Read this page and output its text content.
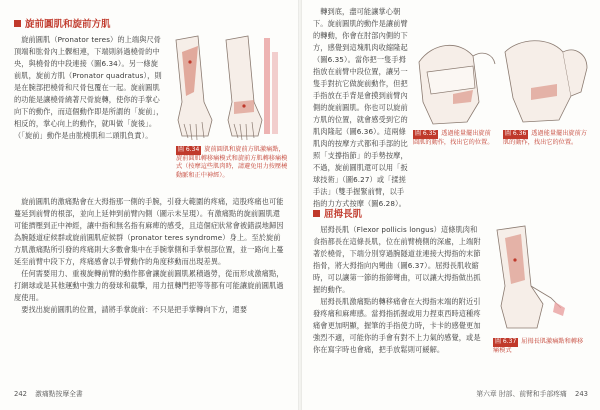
旋前圓肌和旋前方肌

旋前圓肌（Pronator teres）的上端與尺骨頂端和肱骨內上髁相連，下端則斜過橈骨的中央，與橈骨的中段連接（圖6.34）。另一條旋前肌，旋前方肌（Pronator quadratus），則是在腕部把橈骨和尺骨包覆在一起。旋前圓肌的功能是讓橈骨繞著尺骨旋轉，使你的手掌心向下的動作，而這個動作即是所謂的「旋前」，相反的，掌心向上的動作，就叫做「旋後」。（「旋前」動作是由肱橈肌和二頭肌負責）。

圖 6.34 旋前圓肌和旋前方肌激痛點，旋前圓肌轉移痛模式和旋前方肌轉移痛模式（按摩這些肌肉時，請避免用力按壓橈動脈和正中神經）。

旋前圓肌的激痛點會在大拇指那一側的手腕，引發大範圍的疼痛，這股疼痛也可能蔓延到前臂的根部，並向上延伸到前臂內側（圖示未呈現）。有激痛點的旋前圓肌還可能擠壓到正中神經，讓中指和無名指有麻痺的感受，且這個症狀常會被錯誤地歸因為腕隧道症候群或旋前圓肌症候群（pronator teres syndrome）身上。至於旋前方肌激痛點所引發的疼痛則大多數會集中在手腕掌側和手掌根部位置，並一路向上蔓延至前臂中段下方，疼痛感會以手臂動作的角度移動而出現差異。

任何需要用力、重複旋轉前臂的動作都會讓旋前圓肌累積過勞，從而形成激痛點，打網球或是其他運動中強力的發球和截擊，用力扭轉門把等等都有可能讓旋前圓肌過度使用。

要找出旋前圓肌的位置，請將手掌旋前：不只是把手掌轉向下方，還要

242 激痛點按摩全書

轉到底，盡可能讓掌心朝下。旋前圓肌的動作是讓前臂的轉動，你會在肘部內側的下方，感覺到這塊肌肉收縮隆起（圖6.35）。當你把一隻手拇指放在前臂中段位置，讓另一隻手對抗它做旋前動作，但把手指放在手背是會摸到前臂內側的旋前圓肌。你也可以旋前方肌的位置，就會感受到它的肌肉隆起（圖6.36）。這兩條肌肉的按摩方式都和手部的比照「支撐指節」的手勢按摩，不過，旋前圓肌還可以用「扳球技術」（圖6.27）或「揉搓手法」（雙手握緊前臂，以手指的力方式按摩（圖6.28）。

圖 6.35 透過能量擺出旋前圓肌的動作，找出它的位置。
圖 6.36 透過能量擺出旋前方肌的動作，找出它的位置。
屈拇長肌

屈拇長肌（Flexor pollicis longus）這條肌肉和食指都長在這條長肌，位在前臂橈側的深處，上端附著於橈骨，下端分別穿過腕隧道並連接大拇指的末節指骨，將大拇指向內彎曲（圖6.37）。屈拇長肌收縮時，可以讓第一節的指節彎曲，可以讓大拇指做出抓握的動作。

屈拇長肌激痛點的轉移痛會在大拇指末端的附近引發疼痛和麻痺感。當拇指抓握或用力捏東西時這種疼痛會更加明顯，握筆的手指使力時，卡卡的感覺更加強烈不適，可能你的手會有對不上力氣的感覺，或是你在寫字時也會痛，把手放鬆則可緩解。

圖 6.37 屈拇長肌激痛點和轉移痛模式
第六章 肘部、前臂和手部疼痛 243
